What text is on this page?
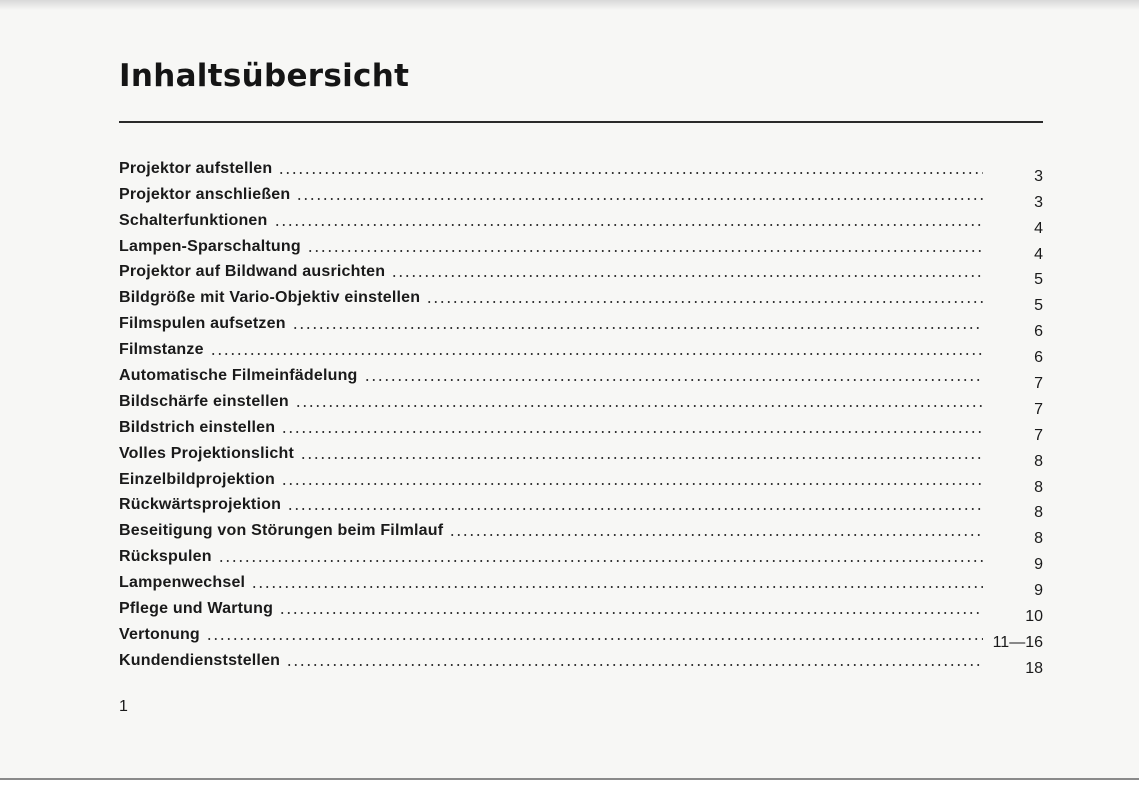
Inhaltsübersicht
Projektor aufstellen	3
Projektor anschließen	3
Schalterfunktionen	4
Lampen-Sparschaltung	4
Projektor auf Bildwand ausrichten	5
Bildgröße mit Vario-Objektiv einstellen	5
Filmspulen aufsetzen	6
Filmstanze	6
Automatische Filmeinfädelung	7
Bildschärfe einstellen	7
Bildstrich einstellen	7
Volles Projektionslicht	8
Einzelbildprojektion	8
Rückwärtsprojektion	8
Beseitigung von Störungen beim Filmlauf	8
Rückspulen	9
Lampenwechsel	9
Pflege und Wartung	10
Vertonung	11—16
Kundendienststellen	18
1
